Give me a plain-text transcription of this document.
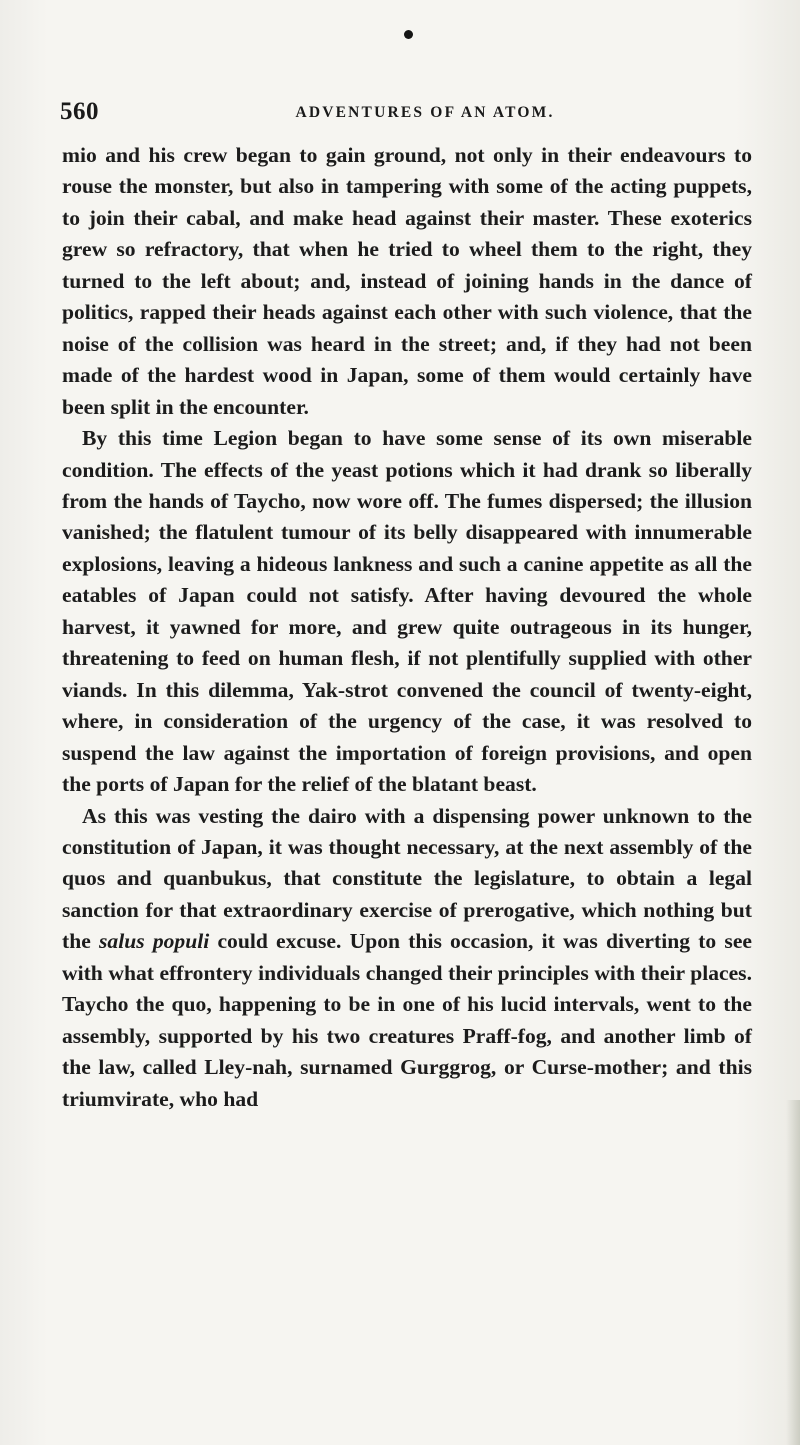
560	ADVENTURES OF AN ATOM.

mio and his crew began to gain ground, not only in their endeavours to rouse the monster, but also in tampering with some of the acting puppets, to join their cabal, and make head against their master. These exoterics grew so refractory, that when he tried to wheel them to the right, they turned to the left about; and, instead of joining hands in the dance of politics, rapped their heads against each other with such violence, that the noise of the collision was heard in the street; and, if they had not been made of the hardest wood in Japan, some of them would certainly have been split in the encounter.

By this time Legion began to have some sense of its own miserable condition. The effects of the yeast potions which it had drank so liberally from the hands of Taycho, now wore off. The fumes dispersed; the illusion vanished; the flatulent tumour of its belly disappeared with innumerable explosions, leaving a hideous lankness and such a canine appetite as all the eatables of Japan could not satisfy. After having devoured the whole harvest, it yawned for more, and grew quite outrageous in its hunger, threatening to feed on human flesh, if not plentifully supplied with other viands. In this dilemma, Yak-strot convened the council of twenty-eight, where, in consideration of the urgency of the case, it was resolved to suspend the law against the importation of foreign provisions, and open the ports of Japan for the relief of the blatant beast.

As this was vesting the dairo with a dispensing power unknown to the constitution of Japan, it was thought necessary, at the next assembly of the quos and quanbukus, that constitute the legislature, to obtain a legal sanction for that extraordinary exercise of prerogative, which nothing but the salus populi could excuse. Upon this occasion, it was diverting to see with what effrontery individuals changed their principles with their places. Taycho the quo, happening to be in one of his lucid intervals, went to the assembly, supported by his two creatures Praff-fog, and another limb of the law, called Lley-nah, surnamed Gurggrog, or Curse-mother; and this triumvirate, who had
